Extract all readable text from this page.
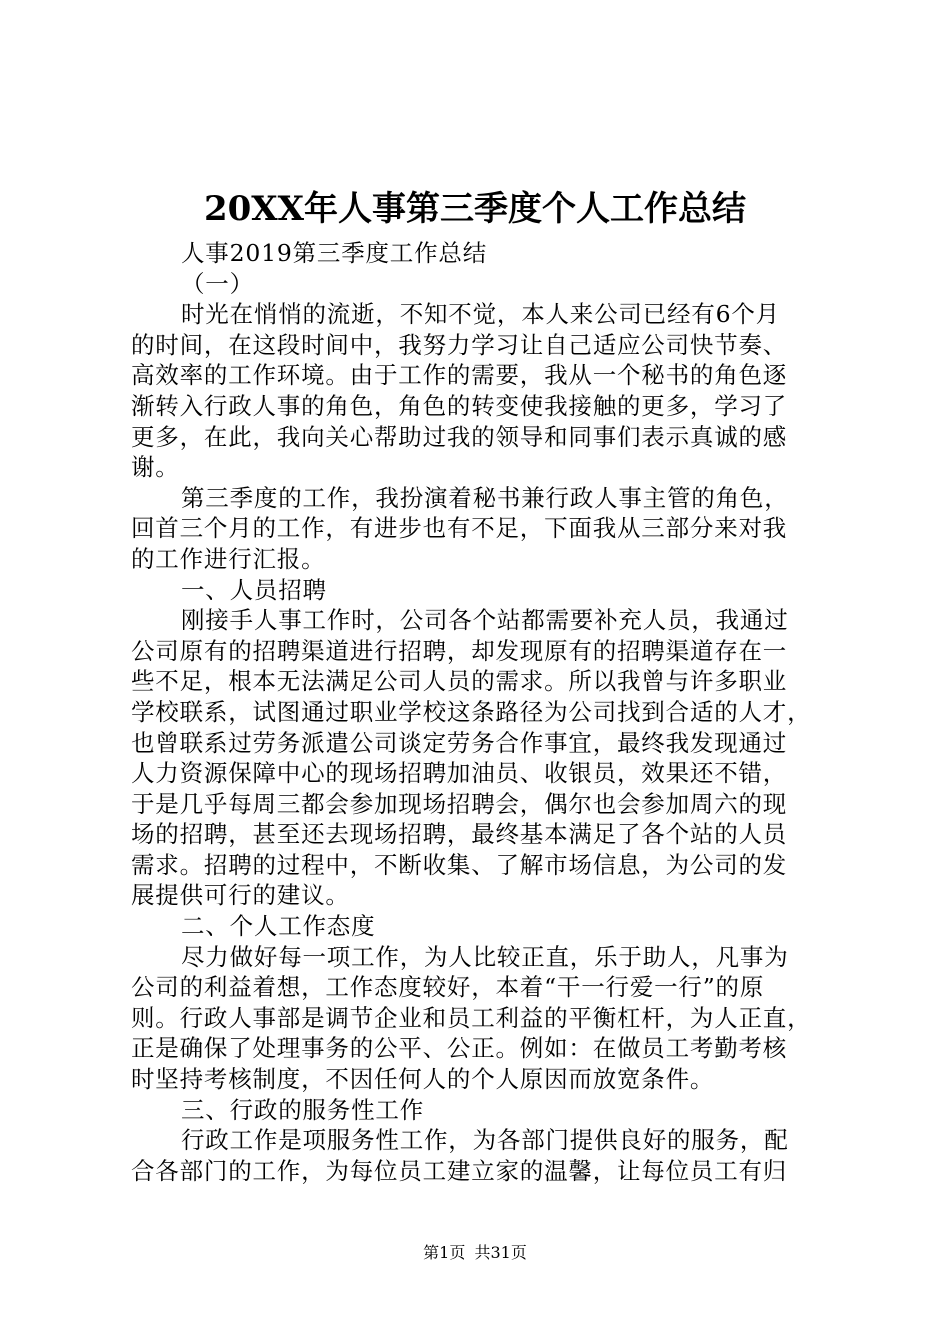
20XX年人事第三季度个人工作总结
人事2019第三季度工作总结
（一）
时光在悄悄的流逝，不知不觉，本人来公司已经有6个月
的时间，在这段时间中，我努力学习让自己适应公司快节奏、
高效率的工作环境。由于工作的需要，我从一个秘书的角色逐
渐转入行政人事的角色，角色的转变使我接触的更多，学习了
更多，在此，我向关心帮助过我的领导和同事们表示真诚的感
谢。
第三季度的工作，我扮演着秘书兼行政人事主管的角色，
回首三个月的工作，有进步也有不足，下面我从三部分来对我
的工作进行汇报。
一、人员招聘
刚接手人事工作时，公司各个站都需要补充人员，我通过
公司原有的招聘渠道进行招聘，却发现原有的招聘渠道存在一
些不足，根本无法满足公司人员的需求。所以我曾与许多职业
学校联系，试图通过职业学校这条路径为公司找到合适的人才，
也曾联系过劳务派遣公司谈定劳务合作事宜，最终我发现通过
人力资源保障中心的现场招聘加油员、收银员，效果还不错，
于是几乎每周三都会参加现场招聘会，偶尔也会参加周六的现
场的招聘，甚至还去现场招聘，最终基本满足了各个站的人员
需求。招聘的过程中，不断收集、了解市场信息，为公司的发
展提供可行的建议。
二、个人工作态度
尽力做好每一项工作，为人比较正直，乐于助人，凡事为
公司的利益着想，工作态度较好，本着“干一行爱一行”的原
则。行政人事部是调节企业和员工利益的平衡杠杆，为人正直，
正是确保了处理事务的公平、公正。例如：在做员工考勤考核
时坚持考核制度，不因任何人的个人原因而放宽条件。
三、行政的服务性工作
行政工作是项服务性工作，为各部门提供良好的服务，配
合各部门的工作，为每位员工建立家的温馨，让每位员工有归
第1页 共31页
